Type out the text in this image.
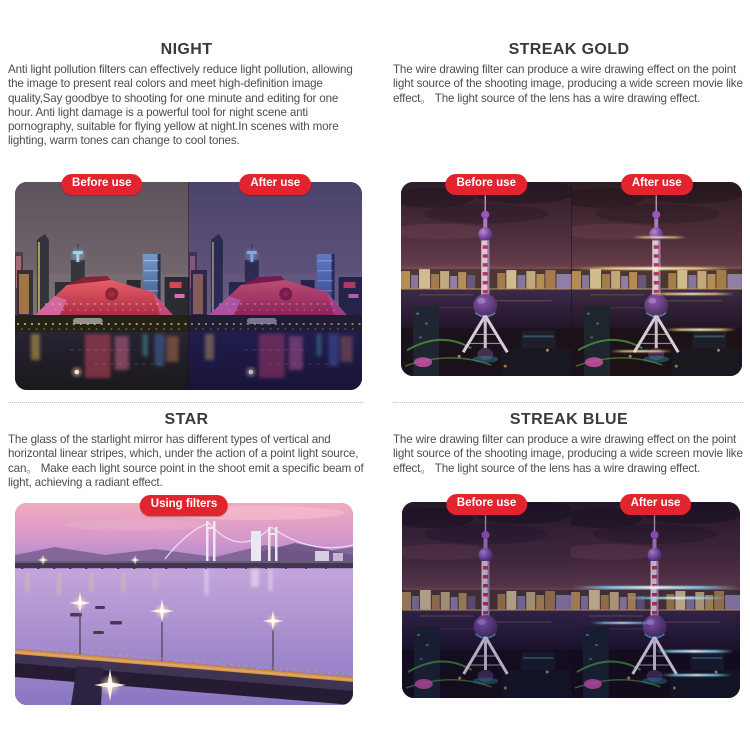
NIGHT

Anti light pollution filters can effectively reduce light pollution, allowing the image to present real colors and meet high-definition image quality,Say goodbye to shooting for one minute and editing for one hour. Anti light damage is a powerful tool for night scene anti pornography, suitable for flying yellow at night.In scenes with more lighting, warm tones can change to cool tones.

Before use	After use
STAR

The glass of the starlight mirror has different types of vertical and horizontal linear stripes, which, under the action of a point light source, can。 Make each light source point in the shoot emit a specific beam of light, achieving a radiant effect.

Using filters
STREAK GOLD

The wire drawing filter can produce a wire drawing effect on the point light source of the shooting image, producing a wide screen movie like effect。 The light source of the lens has a wire drawing effect.

Before use	After use
STREAK BLUE

The wire drawing filter can produce a wire drawing effect on the point light source of the shooting image, producing a wide screen movie like effect。 The light source of the lens has a wire drawing effect.

Before use	After use
